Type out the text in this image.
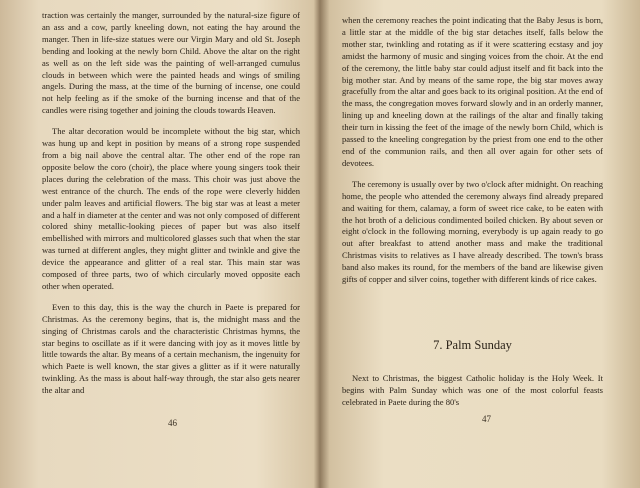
traction was certainly the manger, surrounded by the natural-size figure of an ass and a cow, partly kneeling down, not eating the hay around the manger. Then in life-size statues were our Virgin Mary and old St. Joseph bending and looking at the newly born Child. Above the altar on the right as well as on the left side was the painting of well-arranged cumulus clouds in between which were the painted heads and wings of smiling angels. During the mass, at the time of the burning of incense, one could not help feeling as if the smoke of the burning incense and that of the candles were rising together and joining the clouds towards Heaven.

The altar decoration would be incomplete without the big star, which was hung up and kept in position by means of a strong rope suspended from a big nail above the central altar. The other end of the rope ran opposite below the coro (choir), the place where young singers took their places during the celebration of the mass. This choir was just above the west entrance of the church. The ends of the rope were cleverly hidden under palm leaves and artificial flowers. The big star was at least a meter and a half in diameter at the center and was not only composed of different colored shiny metallic-looking pieces of paper but was also itself embellished with mirrors and multicolored glasses such that when the star was turned at different angles, they might glitter and twinkle and give the device the appearance and glitter of a real star. This main star was composed of three parts, two of which circularly moved opposite each other when operated.

Even to this day, this is the way the church in Paete is prepared for Christmas. As the ceremony begins, that is, the midnight mass and the singing of Christmas carols and the characteristic Christmas hymns, the star begins to oscillate as if it were dancing with joy as it moves little by little towards the altar. By means of a certain mechanism, the ingenuity for which Paete is well known, the star gives a glitter as if it were naturally twinkling. As the mass is about half-way through, the star also gets nearer the altar and

46

when the ceremony reaches the point indicating that the Baby Jesus is born, a little star at the middle of the big star detaches itself, falls below the mother star, twinkling and rotating as if it were scattering ecstasy and joy amidst the harmony of music and singing voices from the choir. At the end of the ceremony, the little baby star could adjust itself and fit back into the big mother star. And by means of the same rope, the big star moves away gracefully from the altar and goes back to its original position. At the end of the mass, the congregation moves forward slowly and in an orderly manner, lining up and kneeling down at the railings of the altar and finally taking their turn in kissing the feet of the image of the newly born Child, which is passed to the kneeling congregation by the priest from one end to the other end of the communion rails, and then all over again for other sets of devotees.

The ceremony is usually over by two o'clock after midnight. On reaching home, the people who attended the ceremony always find already prepared and waiting for them, calamay, a form of sweet rice cake, to be eaten with the hot broth of a delicious condimented boiled chicken. By about seven or eight o'clock in the following morning, everybody is up again ready to go out after breakfast to attend another mass and make the traditional Christmas visits to relatives as I have already described. The town's brass band also makes its round, for the members of the band are likewise given gifts of copper and silver coins, together with different kinds of rice cakes.

7. Palm Sunday

Next to Christmas, the biggest Catholic holiday is the Holy Week. It begins with Palm Sunday which was one of the most colorful feasts celebrated in Paete during the 80's

47
